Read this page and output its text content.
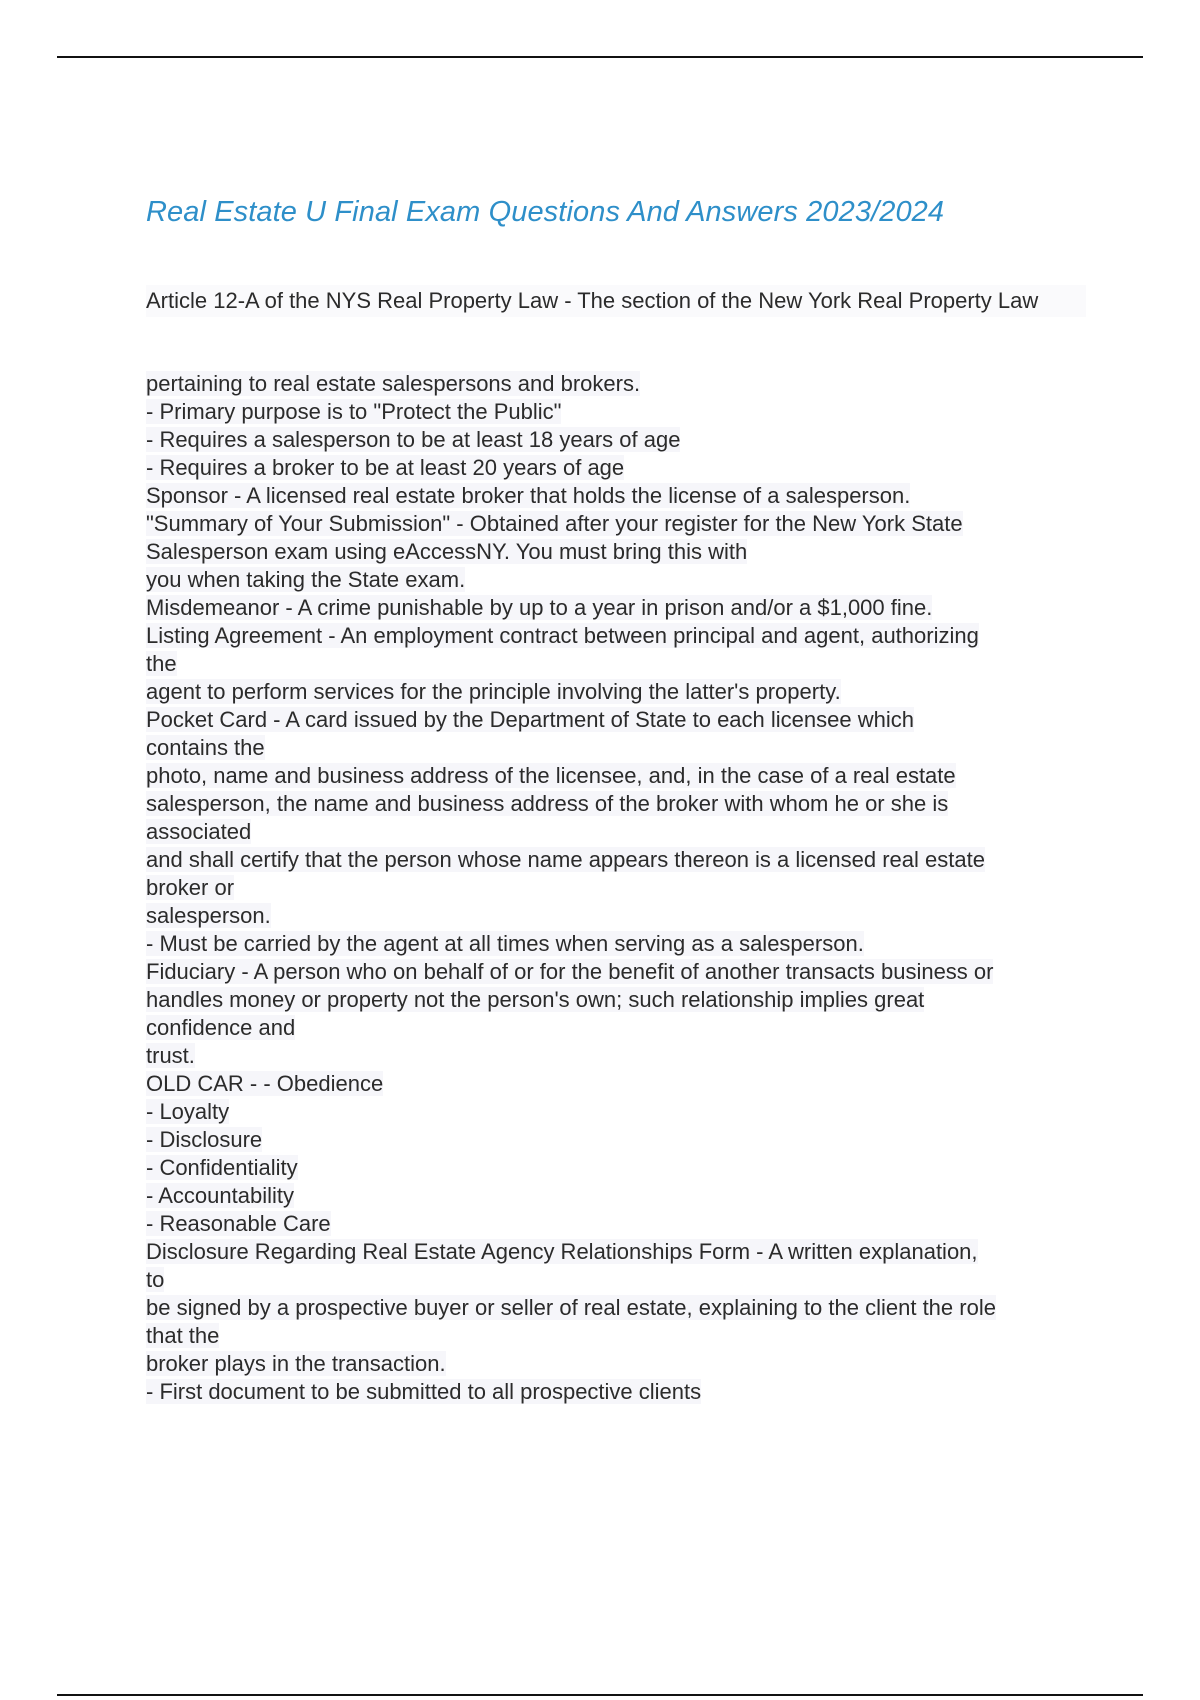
Real Estate U Final Exam Questions And Answers 2023/2024
Article 12-A of the NYS Real Property Law - The section of the New York Real Property Law
pertaining to real estate salespersons and brokers.
- Primary purpose is to "Protect the Public"
- Requires a salesperson to be at least 18 years of age
- Requires a broker to be at least 20 years of age
Sponsor - A licensed real estate broker that holds the license of a salesperson.
"Summary of Your Submission" - Obtained after your register for the New York State
Salesperson exam using eAccessNY. You must bring this with
you when taking the State exam.
Misdemeanor - A crime punishable by up to a year in prison and/or a $1,000 fine.
Listing Agreement - An employment contract between principal and agent, authorizing
the
agent to perform services for the principle involving the latter's property.
Pocket Card - A card issued by the Department of State to each licensee which
contains the
photo, name and business address of the licensee, and, in the case of a real estate
salesperson, the name and business address of the broker with whom he or she is
associated
and shall certify that the person whose name appears thereon is a licensed real estate
broker or
salesperson.
- Must be carried by the agent at all times when serving as a salesperson.
Fiduciary - A person who on behalf of or for the benefit of another transacts business or
handles money or property not the person's own; such relationship implies great
confidence and
trust.
OLD CAR - - Obedience
- Loyalty
- Disclosure
- Confidentiality
- Accountability
- Reasonable Care
Disclosure Regarding Real Estate Agency Relationships Form - A written explanation,
to
be signed by a prospective buyer or seller of real estate, explaining to the client the role
that the
broker plays in the transaction.
- First document to be submitted to all prospective clients
